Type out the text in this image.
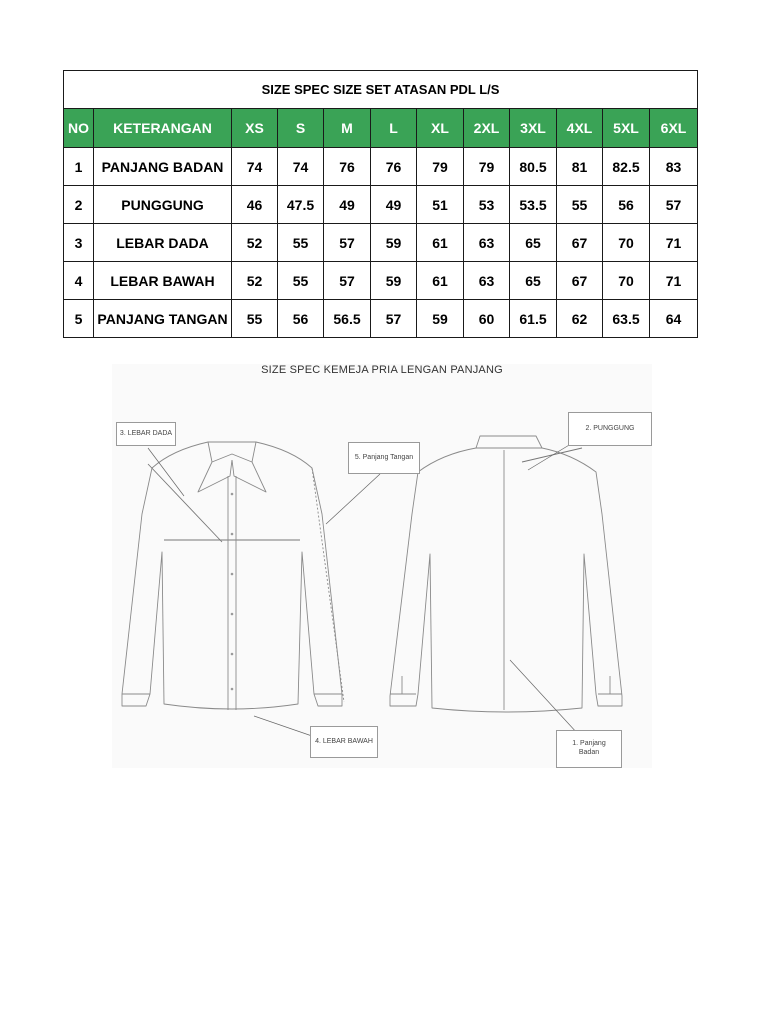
SIZE SPEC SIZE SET ATASAN PDL L/S											
NO	KETERANGAN	XS	S	M	L	XL	2XL	3XL	4XL	5XL	6XL
1	PANJANG BADAN	74	74	76	76	79	79	80.5	81	82.5	83
2	PUNGGUNG	46	47.5	49	49	51	53	53.5	55	56	57
3	LEBAR DADA	52	55	57	59	61	63	65	67	70	71
4	LEBAR BAWAH	52	55	57	59	61	63	65	67	70	71
5	PANJANG TANGAN	55	56	56.5	57	59	60	61.5	62	63.5	64
SIZE SPEC KEMEJA PRIA LENGAN PANJANG
3. LEBAR DADA
5. Panjang Tangan
2. PUNGGUNG
4. LEBAR BAWAH	1. Panjang
Badan
